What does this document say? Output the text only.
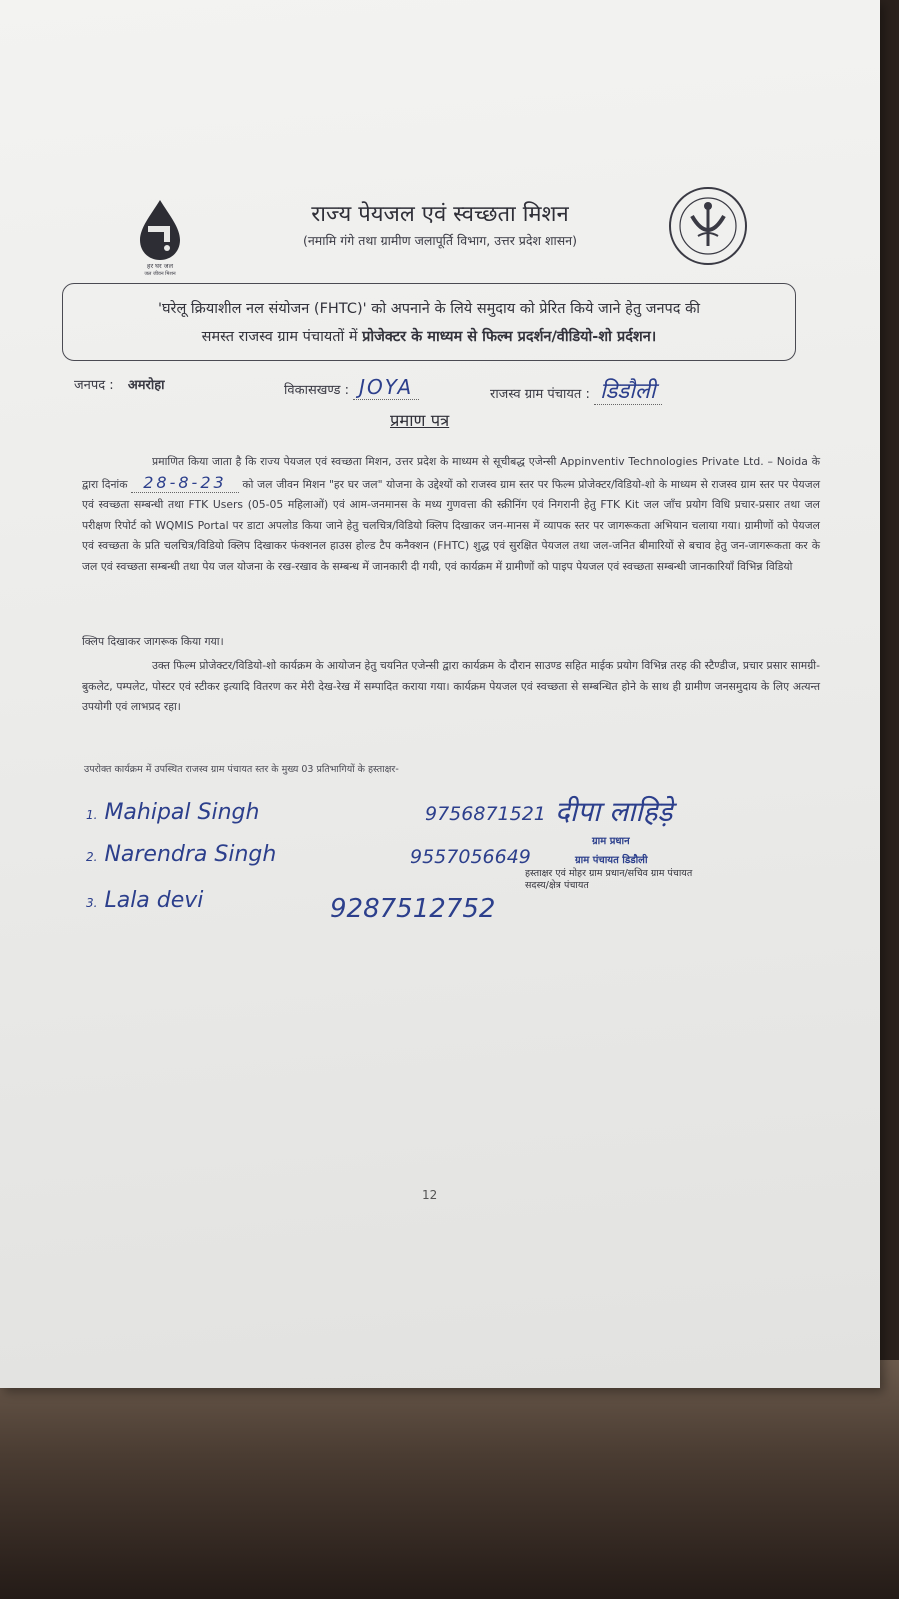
हर घर जल
जल जीवन मिशन
राज्य पेयजल एवं स्वच्छता मिशन
(नमामि गंगे तथा ग्रामीण जलापूर्ति विभाग, उत्तर प्रदेश शासन)
'घरेलू क्रियाशील नल संयोजन (FHTC)' को अपनाने के लिये समुदाय को प्रेरित किये जाने हेतु जनपद की
समस्त राजस्व ग्राम पंचायतों में प्रोजेक्टर के माध्यम से फिल्म प्रदर्शन/वीडियो-शो प्रर्दशन।
जनपद : अमरोहा	विकासखण्ड : JOYA	राजस्व ग्राम पंचायत : डिडौली
प्रमाण पत्र
प्रमाणित किया जाता है कि राज्य पेयजल एवं स्वच्छता मिशन, उत्तर प्रदेश के माध्यम से सूचीबद्ध एजेन्सी Appinventiv Technologies Private Ltd. – Noida के द्वारा दिनांक 28-8-23 को जल जीवन मिशन "हर घर जल" योजना के उद्देश्यों को राजस्व ग्राम स्तर पर फिल्म प्रोजेक्टर/विडियो-शो के माध्यम से राजस्व ग्राम स्तर पर पेयजल एवं स्वच्छता सम्बन्धी तथा FTK Users (05-05 महिलाओं) एवं आम-जनमानस के मध्य गुणवत्ता की स्क्रीनिंग एवं निगरानी हेतु FTK Kit जल जाँच प्रयोग विधि प्रचार-प्रसार तथा जल परीक्षण रिपोर्ट को WQMIS Portal पर डाटा अपलोड किया जाने हेतु चलचित्र/विडियो क्लिप दिखाकर जन-मानस में व्यापक स्तर पर जागरूकता अभियान चलाया गया। ग्रामीणों को पेयजल एवं स्वच्छता के प्रति चलचित्र/विडियो क्लिप दिखाकर फंक्शनल हाउस होल्ड टैप कनैक्शन (FHTC) शुद्ध एवं सुरक्षित पेयजल तथा जल-जनित बीमारियों से बचाव हेतु जन-जागरूकता कर के जल एवं स्वच्छता सम्बन्धी तथा पेय जल योजना के रख-रखाव के सम्बन्ध में जानकारी दी गयी, एवं कार्यक्रम में ग्रामीणों को पाइप पेयजल एवं स्वच्छता सम्बन्धी जानकारियाँ विभिन्न विडियो
क्लिप दिखाकर जागरूक किया गया।
उक्त फिल्म प्रोजेक्टर/विडियो-शो कार्यक्रम के आयोजन हेतु चयनित एजेन्सी द्वारा कार्यक्रम के दौरान साउण्ड सहित माईक प्रयोग विभिन्न तरह की स्टैण्डीज, प्रचार प्रसार सामग्री-बुकलेट, पम्पलेट, पोस्टर एवं स्टीकर इत्यादि वितरण कर मेरी देख-रेख में सम्पादित कराया गया। कार्यक्रम पेयजल एवं स्वच्छता से सम्बन्धित होने के साथ ही ग्रामीण जनसमुदाय के लिए अत्यन्त उपयोगी एवं लाभप्रद रहा।
उपरोक्त कार्यक्रम में उपस्थित राजस्व ग्राम पंचायत स्तर के मुख्य 03 प्रतिभागियों के हस्ताक्षर-
1. Mahipal Singh	9756871521
2. Narendra Singh	9557056649
3. Lala devi	9287512752
दीपा लाहिड़े
ग्राम प्रधान
ग्राम पंचायत डिडौली
हस्ताक्षर एवं मोहर ग्राम प्रधान/सचिव ग्राम पंचायत सदस्य/क्षेत्र पंचायत
12
